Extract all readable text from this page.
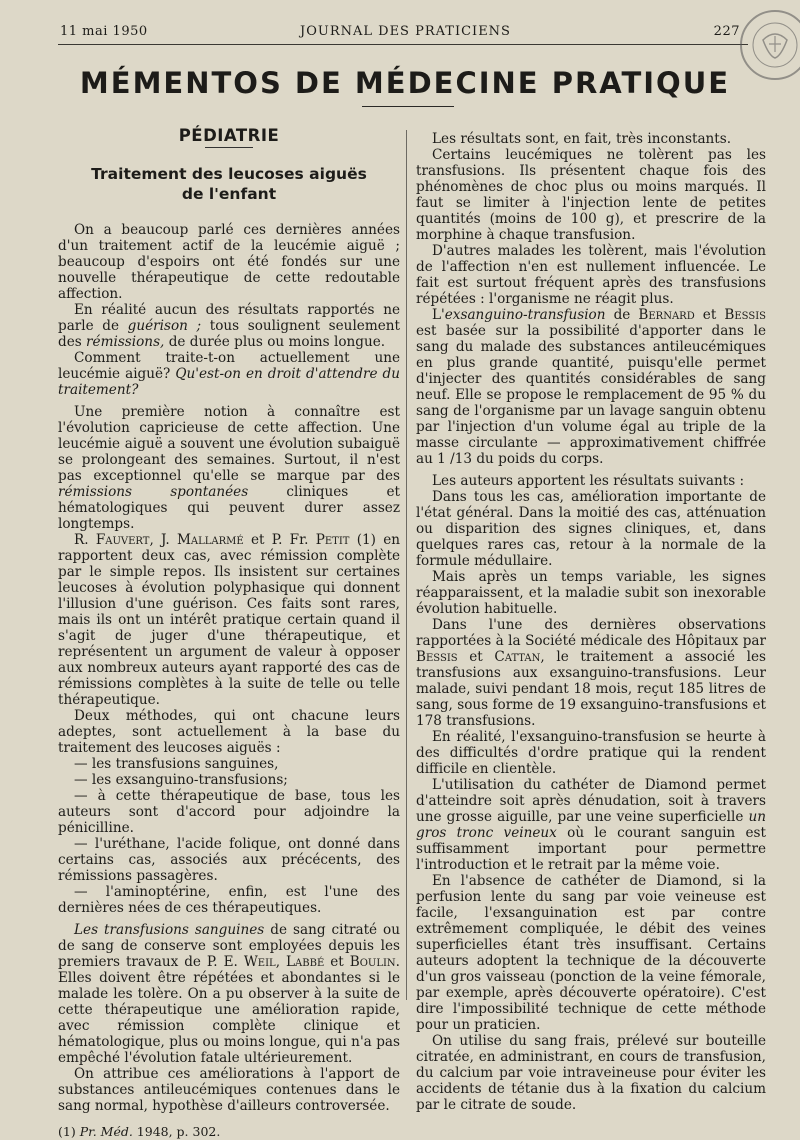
11 mai 1950	JOURNAL DES PRATICIENS	227
MÉMENTOS DE MÉDECINE PRATIQUE
PÉDIATRIE
Traitement des leucoses aiguës
de l'enfant

On a beaucoup parlé ces dernières années d'un traitement actif de la leucémie aiguë ; beaucoup d'espoirs ont été fondés sur une nouvelle thérapeutique de cette redoutable affection.

En réalité aucun des résultats rapportés ne parle de guérison ; tous soulignent seulement des rémissions, de durée plus ou moins longue.

Comment traite-t-on actuellement une leucémie aiguë? Qu'est-on en droit d'attendre du traitement?

Une première notion à connaître est l'évolution capricieuse de cette affection. Une leucémie aiguë a souvent une évolution subaiguë se prolongeant des semaines. Surtout, il n'est pas exceptionnel qu'elle se marque par des rémissions spontanées cliniques et hématologiques qui peuvent durer assez longtemps.

R. Fauvert, J. Mallarmé et P. Fr. Petit (1) en rapportent deux cas, avec rémission complète par le simple repos. Ils insistent sur certaines leucoses à évolution polyphasique qui donnent l'illusion d'une guérison. Ces faits sont rares, mais ils ont un intérêt pratique certain quand il s'agit de juger d'une thérapeutique, et représentent un argument de valeur à opposer aux nombreux auteurs ayant rapporté des cas de rémissions complètes à la suite de telle ou telle thérapeutique.

Deux méthodes, qui ont chacune leurs adeptes, sont actuellement à la base du traitement des leucoses aiguës :

— les transfusions sanguines,
— les exsanguino-transfusions;
— à cette thérapeutique de base, tous les auteurs sont d'accord pour adjoindre la pénicilline.
— l'uréthane, l'acide folique, ont donné dans certains cas, associés aux précécents, des rémissions passagères.
— l'aminoptérine, enfin, est l'une des dernières nées de ces thérapeutiques.

Les transfusions sanguines de sang citraté ou de sang de conserve sont employées depuis les premiers travaux de P. E. Weil, Labbé et Boulin. Elles doivent être répétées et abondantes si le malade les tolère. On a pu observer à la suite de cette thérapeutique une amélioration rapide, avec rémission complète clinique et hématologique, plus ou moins longue, qui n'a pas empêché l'évolution fatale ultérieurement.

On attribue ces améliorations à l'apport de substances antileucémiques contenues dans le sang normal, hypothèse d'ailleurs controversée.

(1) Pr. Méd. 1948, p. 302.

Les résultats sont, en fait, très inconstants.

Certains leucémiques ne tolèrent pas les transfusions. Ils présentent chaque fois des phénomènes de choc plus ou moins marqués. Il faut se limiter à l'injection lente de petites quantités (moins de 100 g), et prescrire de la morphine à chaque transfusion.

D'autres malades les tolèrent, mais l'évolution de l'affection n'en est nullement influencée. Le fait est surtout fréquent après des transfusions répétées : l'organisme ne réagit plus.

L'exsanguino-transfusion de Bernard et Bessis est basée sur la possibilité d'apporter dans le sang du malade des substances antileucémiques en plus grande quantité, puisqu'elle permet d'injecter des quantités considérables de sang neuf. Elle se propose le remplacement de 95 % du sang de l'organisme par un lavage sanguin obtenu par l'injection d'un volume égal au triple de la masse circulante — approximativement chiffrée au 1 /13 du poids du corps.

Les auteurs apportent les résultats suivants :

Dans tous les cas, amélioration importante de l'état général. Dans la moitié des cas, atténuation ou disparition des signes cliniques, et, dans quelques rares cas, retour à la normale de la formule médullaire.

Mais après un temps variable, les signes réapparaissent, et la maladie subit son inexorable évolution habituelle.

Dans l'une des dernières observations rapportées à la Société médicale des Hôpitaux par Bessis et Cattan, le traitement a associé les transfusions aux exsanguino-transfusions. Leur malade, suivi pendant 18 mois, reçut 185 litres de sang, sous forme de 19 exsanguino-transfusions et 178 transfusions.

En réalité, l'exsanguino-transfusion se heurte à des difficultés d'ordre pratique qui la rendent difficile en clientèle.

L'utilisation du cathéter de Diamond permet d'atteindre soit après dénudation, soit à travers une grosse aiguille, par une veine superficielle un gros tronc veineux où le courant sanguin est suffisamment important pour permettre l'introduction et le retrait par la même voie.

En l'absence de cathéter de Diamond, si la perfusion lente du sang par voie veineuse est facile, l'exsanguination est par contre extrêmement compliquée, le débit des veines superficielles étant très insuffisant. Certains auteurs adoptent la technique de la découverte d'un gros vaisseau (ponction de la veine fémorale, par exemple, après découverte opératoire). C'est dire l'impossibilité technique de cette méthode pour un praticien.

On utilise du sang frais, prélevé sur bouteille citratée, en administrant, en cours de transfusion, du calcium par voie intraveineuse pour éviter les accidents de tétanie dus à la fixation du calcium par le citrate de soude.
